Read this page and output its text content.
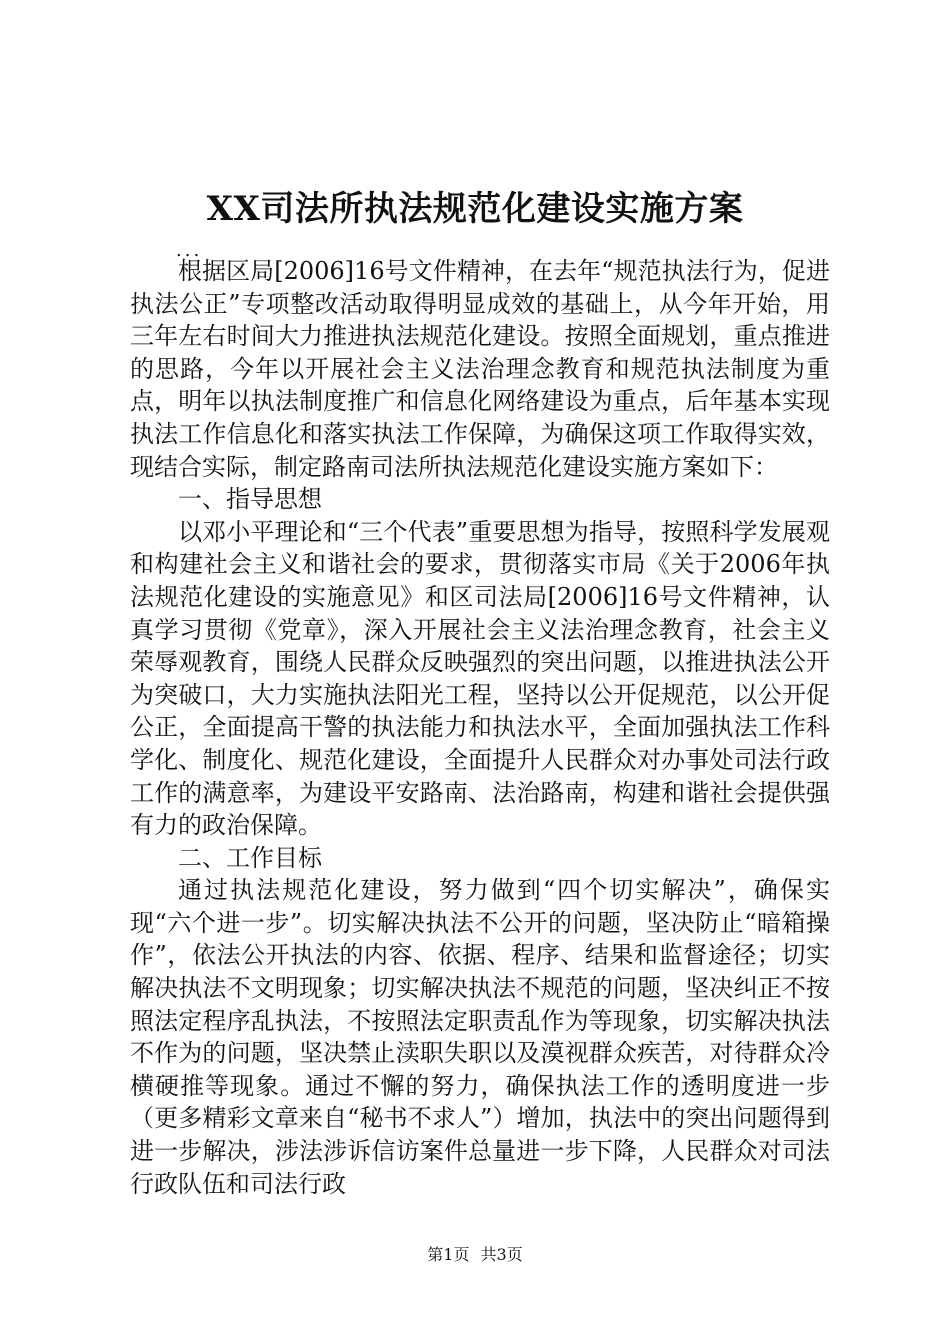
XX司法所执法规范化建设实施方案
...

根据区局[2006]16号文件精神，在去年“规范执法行为，促进执法公正”专项整改活动取得明显成效的基础上，从今年开始，用三年左右时间大力推进执法规范化建设。按照全面规划，重点推进的思路，今年以开展社会主义法治理念教育和规范执法制度为重点，明年以执法制度推广和信息化网络建设为重点，后年基本实现执法工作信息化和落实执法工作保障，为确保这项工作取得实效，现结合实际，制定路南司法所执法规范化建设实施方案如下：

一、指导思想

以邓小平理论和“三个代表”重要思想为指导，按照科学发展观和构建社会主义和谐社会的要求，贯彻落实市局《关于2006年执法规范化建设的实施意见》和区司法局[2006]16号文件精神，认真学习贯彻《党章》，深入开展社会主义法治理念教育，社会主义荣辱观教育，围绕人民群众反映强烈的突出问题，以推进执法公开为突破口，大力实施执法阳光工程，坚持以公开促规范，以公开促公正，全面提高干警的执法能力和执法水平，全面加强执法工作科学化、制度化、规范化建设，全面提升人民群众对办事处司法行政工作的满意率，为建设平安路南、法治路南，构建和谐社会提供强有力的政治保障。

二、工作目标

通过执法规范化建设，努力做到“四个切实解决”，确保实现“六个进一步”。切实解决执法不公开的问题，坚决防止“暗箱操作”，依法公开执法的内容、依据、程序、结果和监督途径；切实解决执法不文明现象；切实解决执法不规范的问题，坚决纠正不按照法定程序乱执法，不按照法定职责乱作为等现象，切实解决执法不作为的问题，坚决禁止渎职失职以及漠视群众疾苦，对待群众冷横硬推等现象。通过不懈的努力，确保执法工作的透明度进一步（更多精彩文章来自“秘书不求人”）增加，执法中的突出问题得到进一步解决，涉法涉诉信访案件总量进一步下降，人民群众对司法行政队伍和司法行政

第1页 共3页
